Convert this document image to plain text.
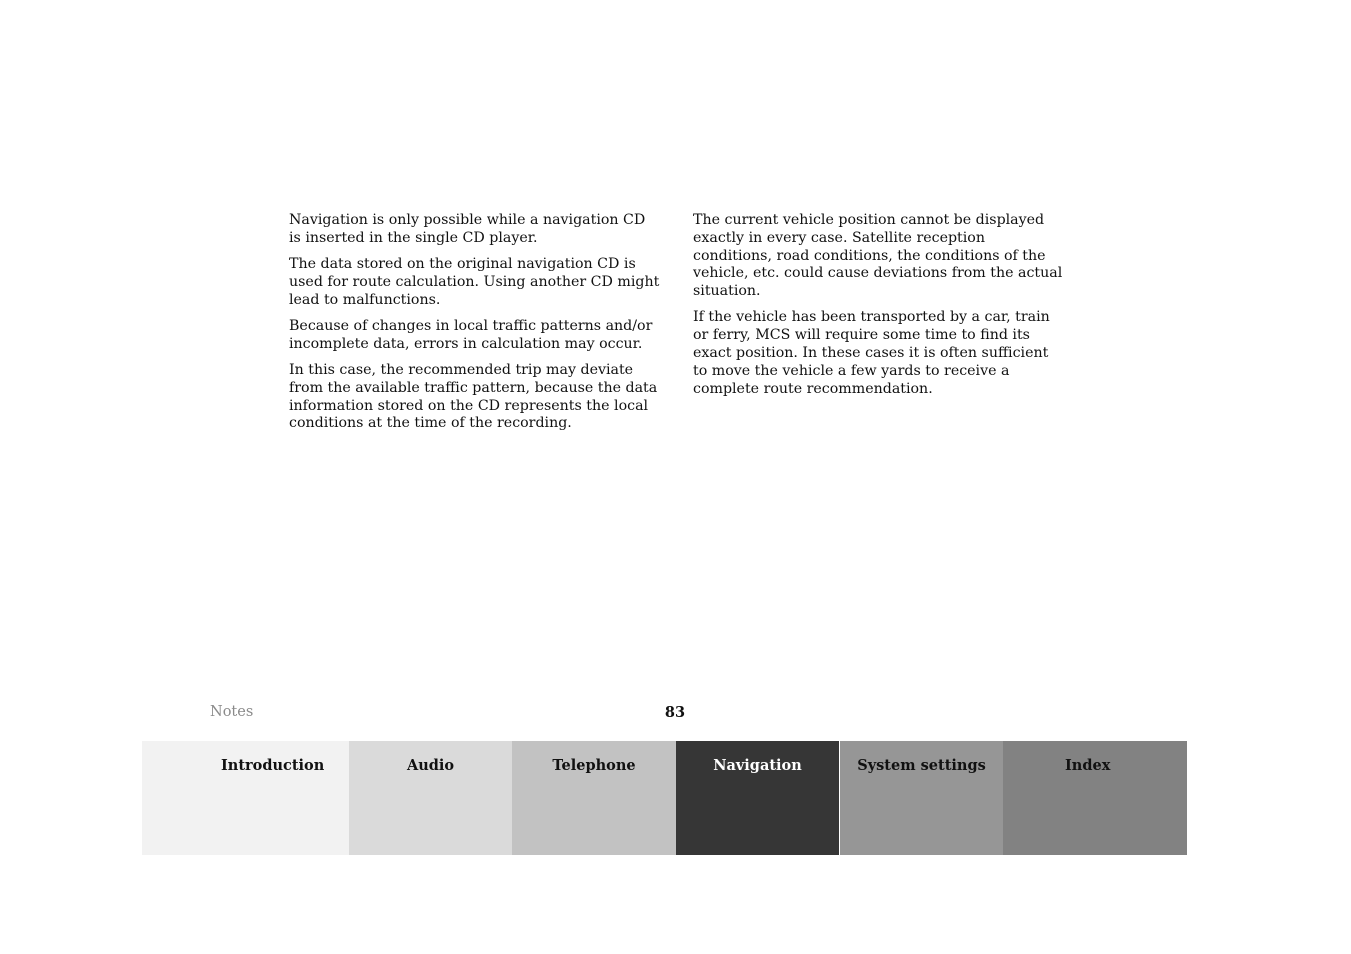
Navigation is only possible while a navigation CD is inserted in the single CD player.

The data stored on the original navigation CD is used for route calculation. Using another CD might lead to malfunctions.

Because of changes in local traffic patterns and/or incomplete data, errors in calculation may occur.

In this case, the recommended trip may deviate from the available traffic pattern, because the data information stored on the CD represents the local conditions at the time of the recording.

The current vehicle position cannot be displayed exactly in every case. Satellite reception conditions, road conditions, the conditions of the vehicle, etc. could cause deviations from the actual situation.

If the vehicle has been transported by a car, train or ferry, MCS will require some time to find its exact position. In these cases it is often sufficient to move the vehicle a few yards to receive a complete route recommendation.

Notes	83
Introduction	Audio	Telephone	Navigation	System settings	Index
